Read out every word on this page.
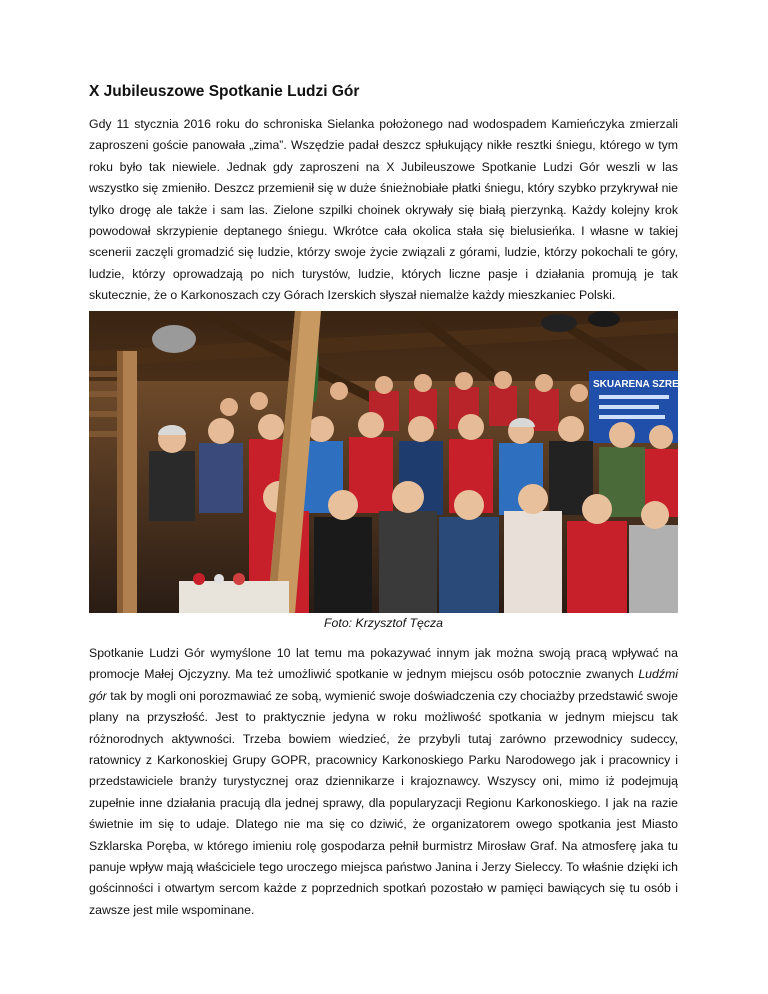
X Jubileuszowe Spotkanie Ludzi Gór

Gdy 11 stycznia 2016 roku do schroniska Sielanka położonego nad wodospadem Kamieńczyka zmierzali zaproszeni goście panowała „zima”. Wszędzie padał deszcz spłukujący nikłe resztki śniegu, którego w tym roku było tak niewiele. Jednak gdy zaproszeni na X Jubileuszowe Spotkanie Ludzi Gór weszli w las wszystko się zmieniło. Deszcz przemienił się w duże śnieżnobiałe płatki śniegu, który szybko przykrywał nie tylko drogę ale także i sam las. Zielone szpilki choinek okrywały się białą pierzynką. Każdy kolejny krok powodował skrzypienie deptanego śniegu. Wkrótce cała okolica stała się bielusieńka. I własne w takiej scenerii zaczęli gromadzić się ludzie, którzy swoje życie związali z górami, ludzie, którzy pokochali te góry, ludzie, którzy oprowadzają po nich turystów, ludzie, których liczne pasje i działania promują je tak skutecznie, że o Karkonoszach czy Górach Izerskich słyszał niemalże każdy mieszkaniec Polski.

SKUARENA SZRENI

Foto: Krzysztof Tęcza

Spotkanie Ludzi Gór wymyślone 10 lat temu ma pokazywać innym jak można swoją pracą wpływać na promocje Małej Ojczyzny. Ma też umożliwić spotkanie w jednym miejscu osób potocznie zwanych Ludźmi gór tak by mogli oni porozmawiać ze sobą, wymienić swoje doświadczenia czy chociażby przedstawić swoje plany na przyszłość. Jest to praktycznie jedyna w roku możliwość spotkania w jednym miejscu tak różnorodnych aktywności. Trzeba bowiem wiedzieć, że przybyli tutaj zarówno przewodnicy sudeccy, ratownicy z Karkonoskiej Grupy GOPR, pracownicy Karkonoskiego Parku Narodowego jak i pracownicy i przedstawiciele branży turystycznej oraz dziennikarze i krajoznawcy. Wszyscy oni, mimo iż podejmują zupełnie inne działania pracują dla jednej sprawy, dla popularyzacji Regionu Karkonoskiego. I jak na razie świetnie im się to udaje. Dlatego nie ma się co dziwić, że organizatorem owego spotkania jest Miasto Szklarska Poręba, w którego imieniu rolę gospodarza pełnił burmistrz Mirosław Graf. Na atmosferę jaka tu panuje wpływ mają właściciele tego uroczego miejsca państwo Janina i Jerzy Sieleccy. To właśnie dzięki ich gościnności i otwartym sercom każde z poprzednich spotkań pozostało w pamięci bawiących się tu osób i zawsze jest mile wspominane.
